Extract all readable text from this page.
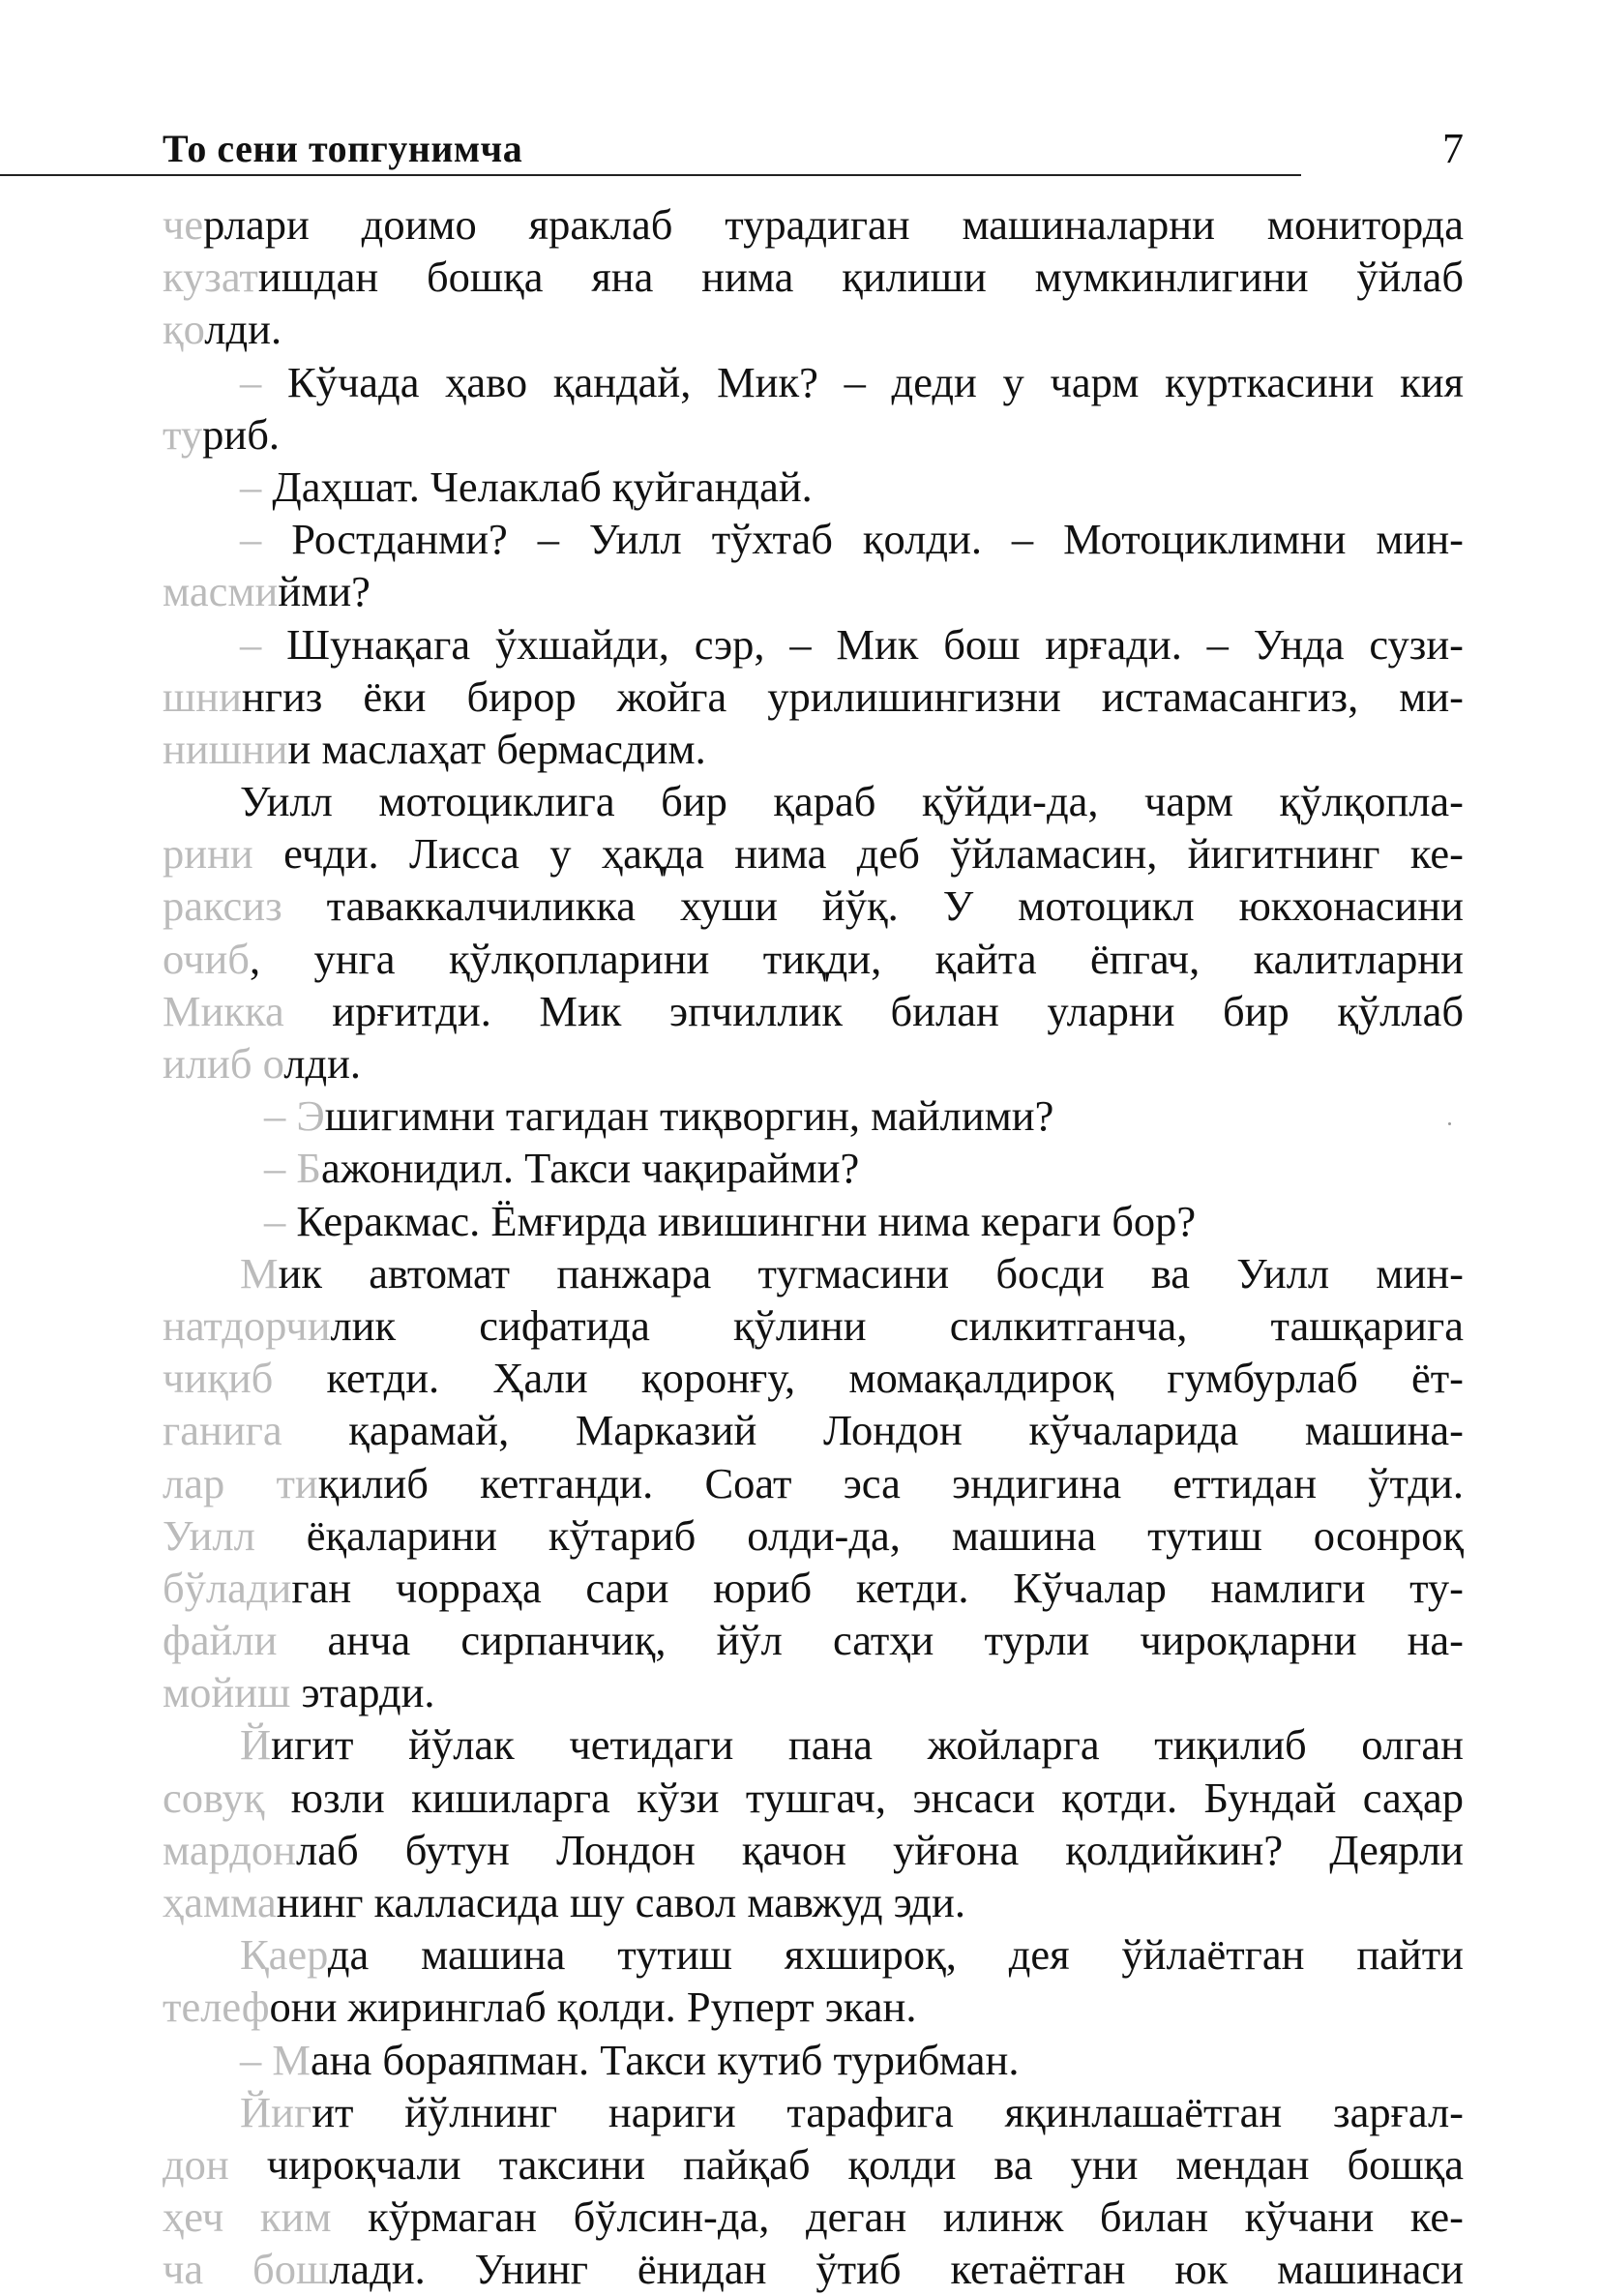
То сени топгунимча	7
черлари доимо яраклаб турадиган машиналарни мониторда
кузатишдан бошқа яна нима қилиши мумкинлигини ўйлаб
қолди.
– Кўчада ҳаво қандай, Мик? – деди у чарм курткасини кия
туриб.
– Даҳшат. Челаклаб қуйгандай.
– Ростданми? – Уилл тўхтаб қолди. – Мотоциклимни мин-
масмийми?
– Шунақага ўхшайди, сэр, – Мик бош ирғади. – Унда сузи-
шнингиз ёки бирор жойга урилишингизни истамасангиз, ми-
нишнии маслаҳат бермасдим.
Уилл мотоциклига бир қараб қўйди-да, чарм қўлқопла-
рини ечди. Лисса у ҳақда нима деб ўйламасин, йигитнинг ке-
раксиз таваккалчиликка хуши йўқ. У мотоцикл юкхонасини
очиб, унга қўлқопларини тиқди, қайта ёпгач, калитларни
Микка ирғитди. Мик эпчиллик билан уларни бир қўллаб
илиб олди.
– Эшигимни тагидан тиқворгин, майлими?
– Бажонидил. Такси чақирайми?
– Керакмас. Ёмғирда ивишингни нима кераги бор?
Мик автомат панжара тугмасини босди ва Уилл мин-
натдорчилик сифатида қўлини силкитганча, ташқарига
чиқиб кетди. Ҳали қоронғу, момақалдироқ гумбурлаб ёт-
ганига қарамай, Марказий Лондон кўчаларида машина-
лар тиқилиб кетганди. Соат эса эндигина еттидан ўтди.
Уилл ёқаларини кўтариб олди-да, машина тутиш осонроқ
бўладиган чорраҳа сари юриб кетди. Кўчалар намлиги ту-
файли анча сирпанчиқ, йўл сатҳи турли чироқларни на-
мойиш этарди.
Йигит йўлак четидаги пана жойларга тиқилиб олган
совуқ юзли кишиларга кўзи тушгач, энсаси қотди. Бундай саҳар
мардонлаб бутун Лондон қачон уйғона қолдийкин? Деярли
ҳамманинг калласида шу савол мавжуд эди.
Қаерда машина тутиш яхшироқ, дея ўйлаётган пайти
телефони жиринглаб қолди. Руперт экан.
– Мана бораяпман. Такси кутиб турибман.
Йигит йўлнинг нариги тарафига яқинлашаётган зарғал-
дон чироқчали таксини пайқаб қолди ва уни мендан бошқа
ҳеч ким кўрмаган бўлсин-да, деган илинж билан кўчани ке-
ча бошлади. Унинг ёнидан ўтиб кетаётган юк машинаси
